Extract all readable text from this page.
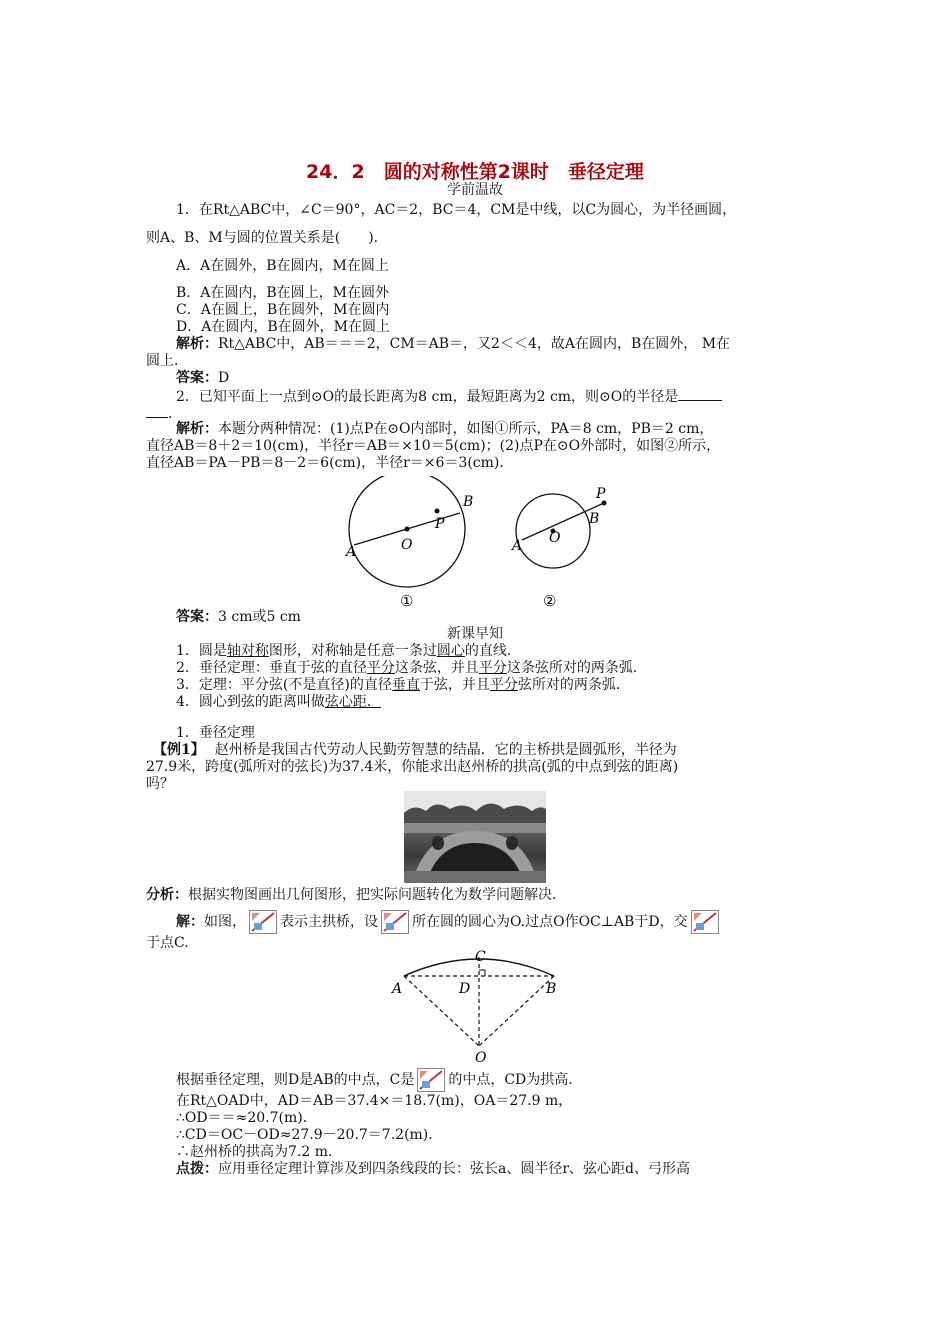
24．2　圆的对称性第2课时　垂径定理
学前温故
1．在Rt△ABC中，∠C＝90°，AC＝2，BC＝4，CM是中线，以C为圆心，为半径画圆，
则A、B、M与圆的位置关系是(　　)．
A．A在圆外，B在圆内，M在圆上
B．A在圆内，B在圆上，M在圆外
C．A在圆上，B在圆外，M在圆内
D．A在圆内，B在圆外，M在圆上
解析：Rt△ABC中，AB＝＝＝2，CM＝AB＝，又2＜＜4，故A在圆内，B在圆外， M在
圆上．
答案：D
2．已知平面上一点到⊙O的最长距离为8 cm，最短距离为2 cm，则⊙O的半径是
．
解析：本题分两种情况：(1)点P在⊙O内部时，如图①所示，PA＝8 cm，PB＝2 cm，
直径AB＝8＋2＝10(cm)，半径r＝AB＝×10＝5(cm)；(2)点P在⊙O外部时，如图②所示，
直径AB＝PA－PB＝8－2＝6(cm)，半径r＝×6＝3(cm)．
A
B
O
P
①
A
B
O
P
②
答案：3 cm或5 cm
新课早知
1．圆是轴对称图形，对称轴是任意一条过圆心的直线．
2．垂径定理：垂直于弦的直径平分这条弦，并且平分这条弦所对的两条弧．
3．定理：平分弦(不是直径)的直径垂直于弦，并且平分弦所对的两条弧．
4．圆心到弦的距离叫做弦心距．
1．垂径定理
【例1】 赵州桥是我国古代劳动人民勤劳智慧的结晶．它的主桥拱是圆弧形，半径为
27.9米，跨度(弧所对的弦长)为37.4米，你能求出赵州桥的拱高(弧的中点到弦的距离)
吗？
分析：根据实物图画出几何图形，把实际问题转化为数学问题解决．
解：如图， 表示主拱桥，设 所在圆的圆心为O.过点O作OC⊥AB于D，交
于点C.
A	B
C
D
O
根据垂径定理，则D是AB的中点，C是 的中点，CD为拱高．
在Rt△OAD中，AD＝AB＝37.4×＝18.7(m)，OA＝27.9 m，
∴OD＝＝≈20.7(m)．
∴CD＝OC－OD≈27.9－20.7＝7.2(m)．
∴赵州桥的拱高为7.2 m．
点拨：应用垂径定理计算涉及到四条线段的长：弦长a、圆半径r、弦心距d、弓形高
